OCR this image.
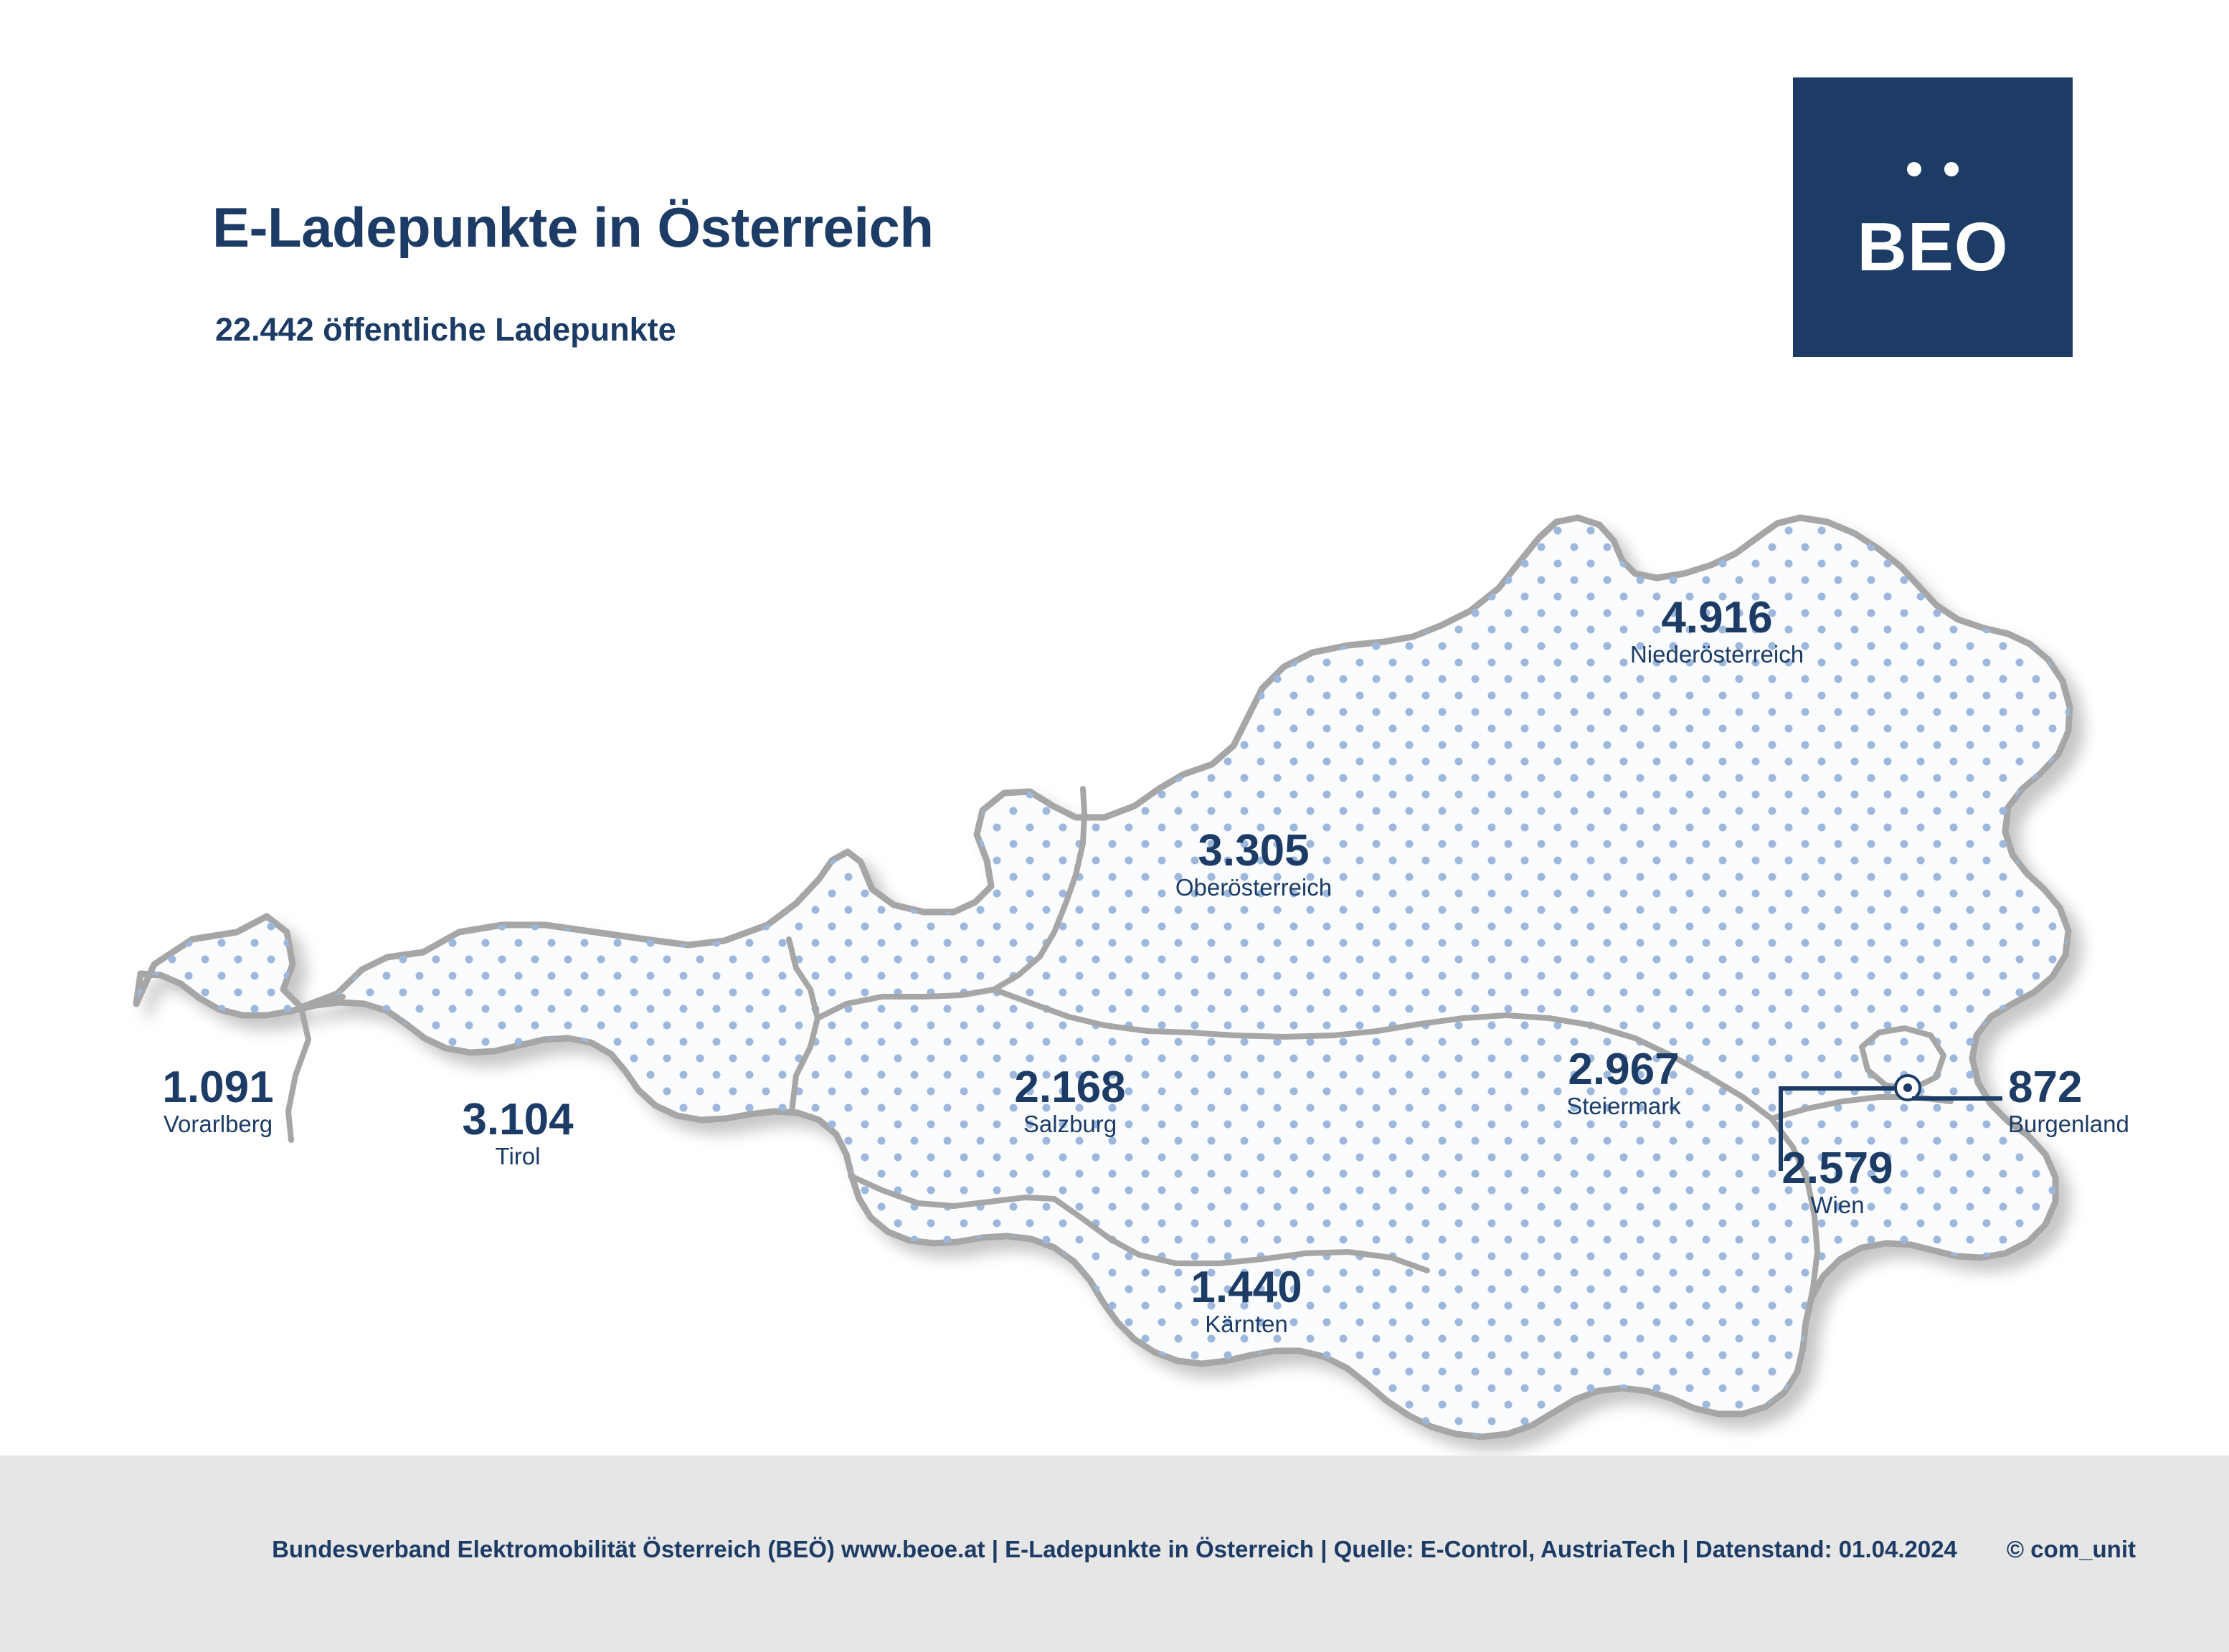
E-Ladepunkte in Österreich
22.442 öffentliche Ladepunkte
BEO
3.104
Tirol
1.091
Vorarlberg
2.168
Salzburg
1.440
Kärnten
2.967
Steiermark
3.305
Oberösterreich
4.916
Niederösterreich
2.579
Wien
872
Burgenland
Bundesverband Elektromobilität Österreich (BEÖ) www.beoe.at | E-Ladepunkte in Österreich | Quelle: E-Control, AustriaTech | Datenstand: 01.04.2024	© com_unit
